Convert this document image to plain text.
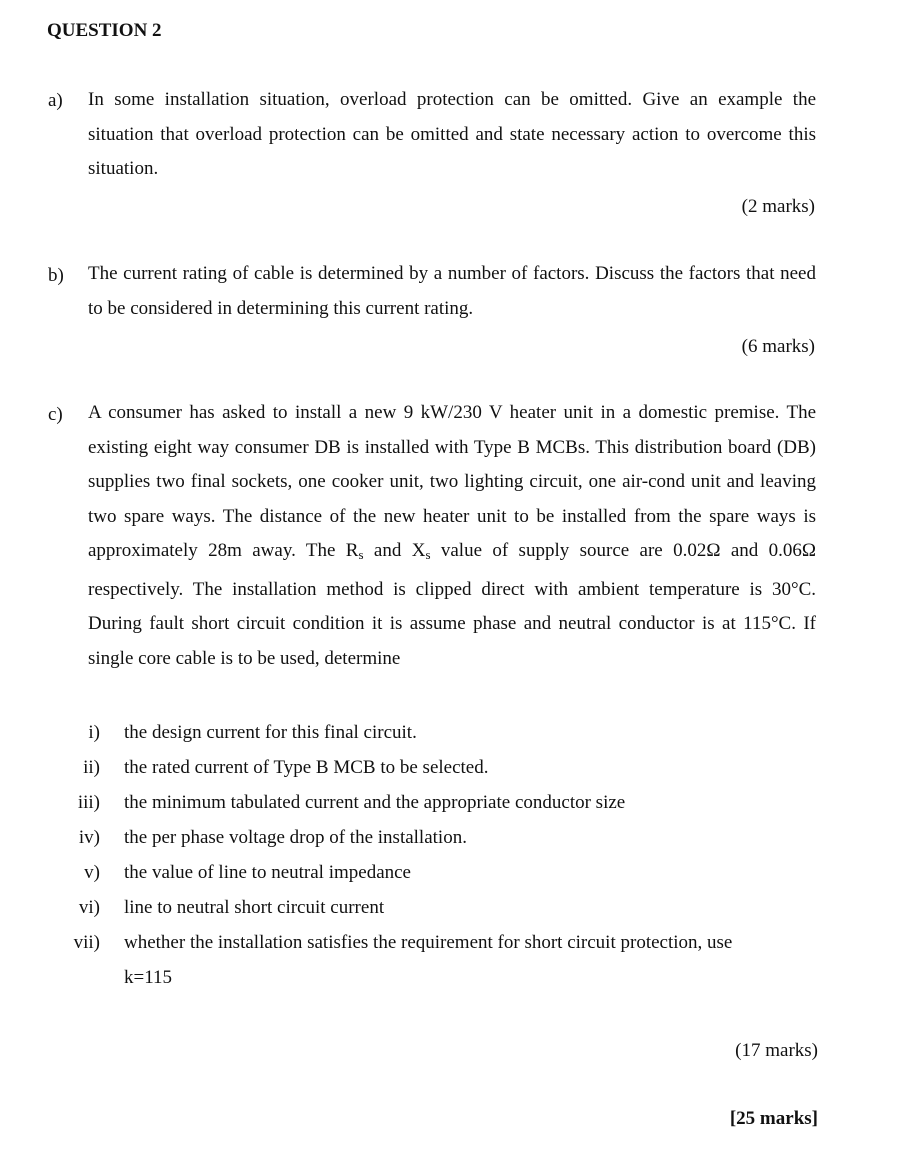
QUESTION 2
a) In some installation situation, overload protection can be omitted. Give an example the situation that overload protection can be omitted and state necessary action to overcome this situation.
(2 marks)
b) The current rating of cable is determined by a number of factors. Discuss the factors that need to be considered in determining this current rating.
(6 marks)
c) A consumer has asked to install a new 9 kW/230 V heater unit in a domestic premise. The existing eight way consumer DB is installed with Type B MCBs. This distribution board (DB) supplies two final sockets, one cooker unit, two lighting circuit, one air-cond unit and leaving two spare ways. The distance of the new heater unit to be installed from the spare ways is approximately 28m away. The $R_s$ and $X_s$ value of supply source are 0.02Ω and 0.06Ω respectively. The installation method is clipped direct with ambient temperature is 30°C. During fault short circuit condition it is assume phase and neutral conductor is at 115°C. If single core cable is to be used, determine
i) the design current for this final circuit.
ii) the rated current of Type B MCB to be selected.
iii) the minimum tabulated current and the appropriate conductor size
iv) the per phase voltage drop of the installation.
v) the value of line to neutral impedance
vi) line to neutral short circuit current
vii) whether the installation satisfies the requirement for short circuit protection, use
k=115
(17 marks)
[25 marks]
